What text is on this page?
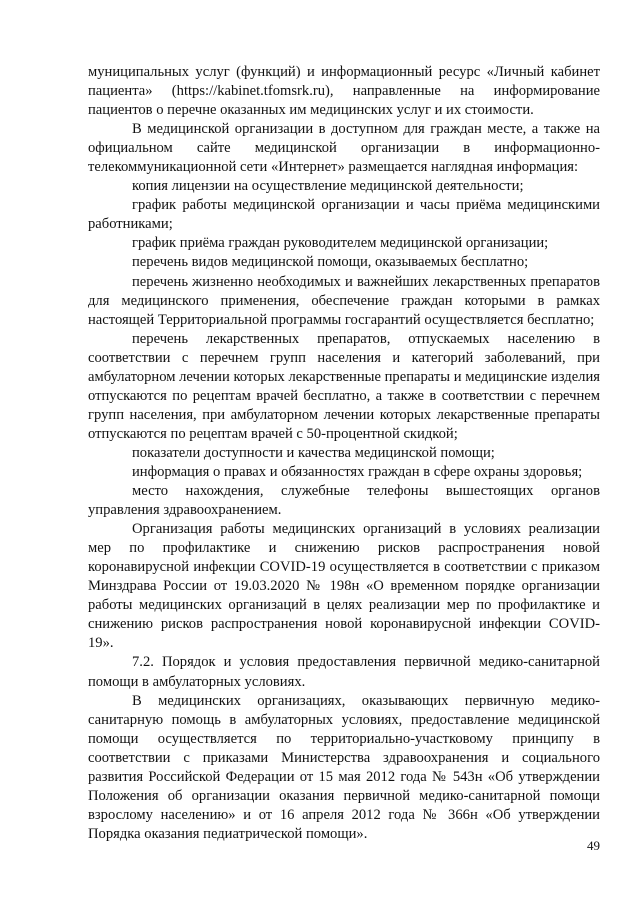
муниципальных услуг (функций) и информационный ресурс «Личный кабинет пациента» (https://kabinet.tfomsrk.ru), направленные на информирование пациентов о перечне оказанных им медицинских услуг и их стоимости.

В медицинской организации в доступном для граждан месте, а также на официальном сайте медицинской организации в информационно-телекоммуникационной сети «Интернет» размещается наглядная информация:

копия лицензии на осуществление медицинской деятельности;

график работы медицинской организации и часы приёма медицинскими работниками;

график приёма граждан руководителем медицинской организации;

перечень видов медицинской помощи, оказываемых бесплатно;

перечень жизненно необходимых и важнейших лекарственных препаратов для медицинского применения, обеспечение граждан которыми в рамках настоящей Территориальной программы госгарантий осуществляется бесплатно;

перечень лекарственных препаратов, отпускаемых населению в соответствии с перечнем групп населения и категорий заболеваний, при амбулаторном лечении которых лекарственные препараты и медицинские изделия отпускаются по рецептам врачей бесплатно, а также в соответствии с перечнем групп населения, при амбулаторном лечении которых лекарственные препараты отпускаются по рецептам врачей с 50-процентной скидкой;

показатели доступности и качества медицинской помощи;

информация о правах и обязанностях граждан в сфере охраны здоровья;

место нахождения, служебные телефоны вышестоящих органов управления здравоохранением.

Организация работы медицинских организаций в условиях реализации мер по профилактике и снижению рисков распространения новой коронавирусной инфекции COVID-19 осуществляется в соответствии с приказом Минздрава России от 19.03.2020 № 198н «О временном порядке организации работы медицинских организаций в целях реализации мер по профилактике и снижению рисков распространения новой коронавирусной инфекции COVID-19».

7.2. Порядок и условия предоставления первичной медико-санитарной помощи в амбулаторных условиях.

В медицинских организациях, оказывающих первичную медико-санитарную помощь в амбулаторных условиях, предоставление медицинской помощи осуществляется по территориально-участковому принципу в соответствии с приказами Министерства здравоохранения и социального развития Российской Федерации от 15 мая 2012 года № 543н «Об утверждении Положения об организации оказания первичной медико-санитарной помощи взрослому населению» и от 16 апреля 2012 года № 366н «Об утверждении Порядка оказания педиатрической помощи».

49
